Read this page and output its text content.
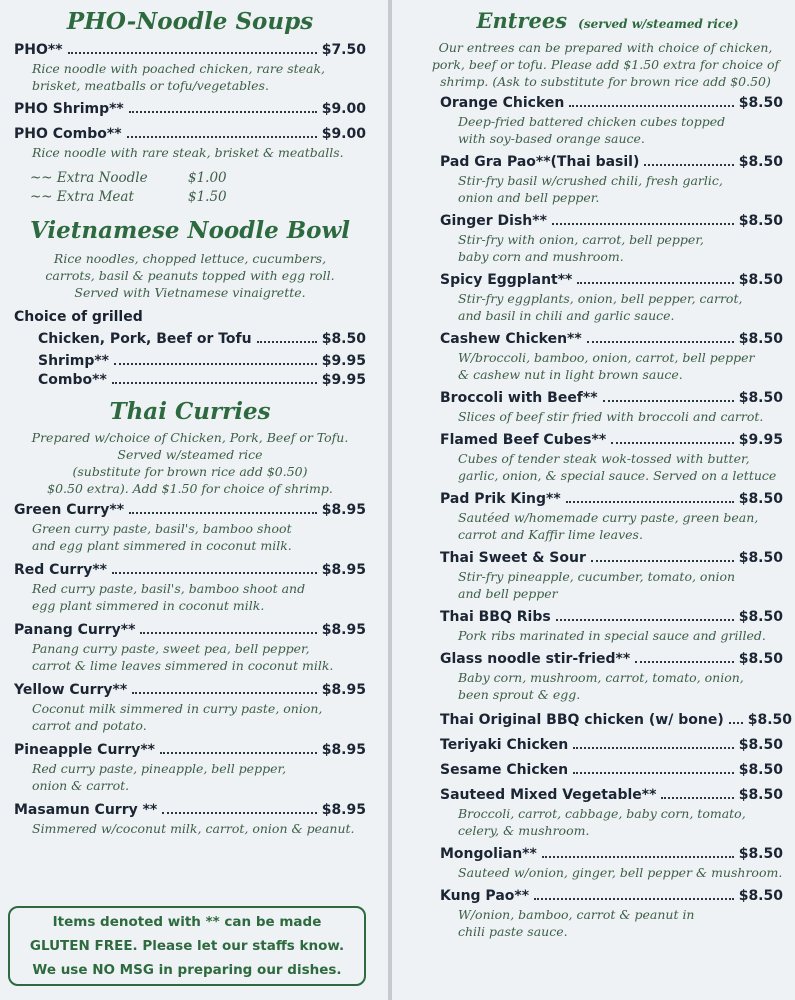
PHO-Noodle Soups
PHO**	$7.50
Rice noodle with poached chicken, rare steak,
brisket, meatballs or tofu/vegetables.
PHO Shrimp**	$9.00
PHO Combo**	$9.00
Rice noodle with rare steak, brisket & meatballs.
~~ Extra Noodle	$1.00
~~ Extra Meat	$1.50
Vietnamese Noodle Bowl
Rice noodles, chopped lettuce, cucumbers,
carrots, basil & peanuts topped with egg roll.
Served with Vietnamese vinaigrette.
Choice of grilled
Chicken, Pork, Beef or Tofu	$8.50
Shrimp**	$9.95
Combo**	$9.95
Thai Curries
Prepared w/choice of Chicken, Pork, Beef or Tofu.
Served w/steamed rice
(substitute for brown rice add $0.50)
$0.50 extra). Add $1.50 for choice of shrimp.
Green Curry**	$8.95
Green curry paste, basil's, bamboo shoot
and egg plant simmered in coconut milk.
Red Curry**	$8.95
Red curry paste, basil's, bamboo shoot and
egg plant simmered in coconut milk.
Panang Curry**	$8.95
Panang curry paste, sweet pea, bell pepper,
carrot & lime leaves simmered in coconut milk.
Yellow Curry**	$8.95
Coconut milk simmered in curry paste, onion,
carrot and potato.
Pineapple Curry**	$8.95
Red curry paste, pineapple, bell pepper,
onion & carrot.
Masamun Curry **	$8.95
Simmered w/coconut milk, carrot, onion & peanut.
Items denoted with ** can be made
GLUTEN FREE. Please let our staffs know.
We use NO MSG in preparing our dishes.
Entrees (served w/steamed rice)
Our entrees can be prepared with choice of chicken,
pork, beef or tofu. Please add $1.50 extra for choice of
shrimp. (Ask to substitute for brown rice add $0.50)
Orange Chicken	$8.50
Deep-fried battered chicken cubes topped
with soy-based orange sauce.
Pad Gra Pao**(Thai basil)	$8.50
Stir-fry basil w/crushed chili, fresh garlic,
onion and bell pepper.
Ginger Dish**	$8.50
Stir-fry with onion, carrot, bell pepper,
baby corn and mushroom.
Spicy Eggplant**	$8.50
Stir-fry eggplants, onion, bell pepper, carrot,
and basil in chili and garlic sauce.
Cashew Chicken**	$8.50
W/broccoli, bamboo, onion, carrot, bell pepper
& cashew nut in light brown sauce.
Broccoli with Beef**	$8.50
Slices of beef stir fried with broccoli and carrot.
Flamed Beef Cubes**	$9.95
Cubes of tender steak wok-tossed with butter,
garlic, onion, & special sauce. Served on a lettuce
Pad Prik King**	$8.50
Sautéed w/homemade curry paste, green bean,
carrot and Kaffir lime leaves.
Thai Sweet & Sour	$8.50
Stir-fry pineapple, cucumber, tomato, onion
and bell pepper
Thai BBQ Ribs	$8.50
Pork ribs marinated in special sauce and grilled.
Glass noodle stir-fried**	$8.50
Baby corn, mushroom, carrot, tomato, onion,
been sprout & egg.
Thai Original BBQ chicken (w/ bone) $8.50
Teriyaki Chicken	$8.50
Sesame Chicken	$8.50
Sauteed Mixed Vegetable**	$8.50
Broccoli, carrot, cabbage, baby corn, tomato,
celery, & mushroom.
Mongolian**	$8.50
Sauteed w/onion, ginger, bell pepper & mushroom.
Kung Pao**	$8.50
W/onion, bamboo, carrot & peanut in
chili paste sauce.
